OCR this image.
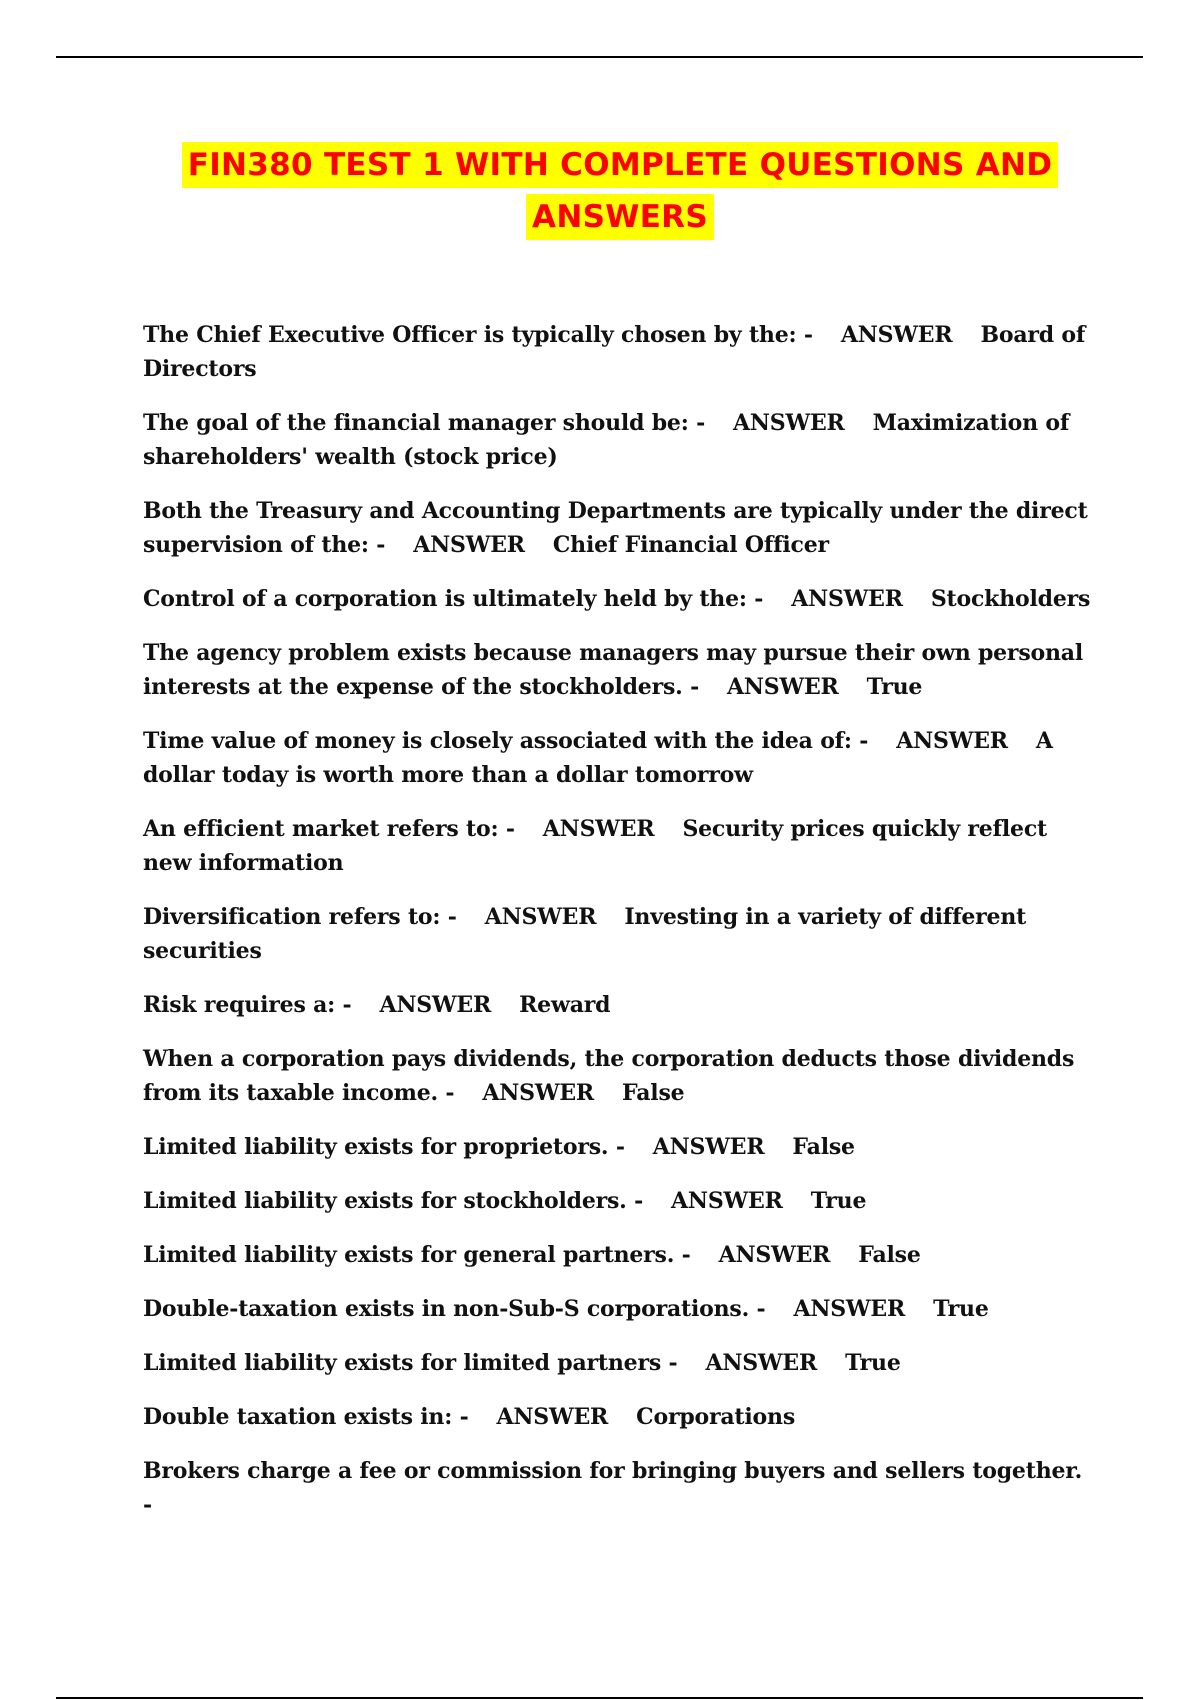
FIN380 TEST 1 WITH COMPLETE QUESTIONS AND
ANSWERS

The Chief Executive Officer is typically chosen by the: - ANSWER Board of Directors

The goal of the financial manager should be: - ANSWER Maximization of shareholders' wealth (stock price)

Both the Treasury and Accounting Departments are typically under the direct supervision of the: - ANSWER Chief Financial Officer

Control of a corporation is ultimately held by the: - ANSWER Stockholders

The agency problem exists because managers may pursue their own personal interests at the expense of the stockholders. - ANSWER True

Time value of money is closely associated with the idea of: - ANSWER A dollar today is worth more than a dollar tomorrow

An efficient market refers to: - ANSWER Security prices quickly reflect new information

Diversification refers to: - ANSWER Investing in a variety of different securities

Risk requires a: - ANSWER Reward

When a corporation pays dividends, the corporation deducts those dividends from its taxable income. - ANSWER False

Limited liability exists for proprietors. - ANSWER False

Limited liability exists for stockholders. - ANSWER True

Limited liability exists for general partners. - ANSWER False

Double-taxation exists in non-Sub-S corporations. - ANSWER True

Limited liability exists for limited partners - ANSWER True

Double taxation exists in: - ANSWER Corporations

Brokers charge a fee or commission for bringing buyers and sellers together. -
